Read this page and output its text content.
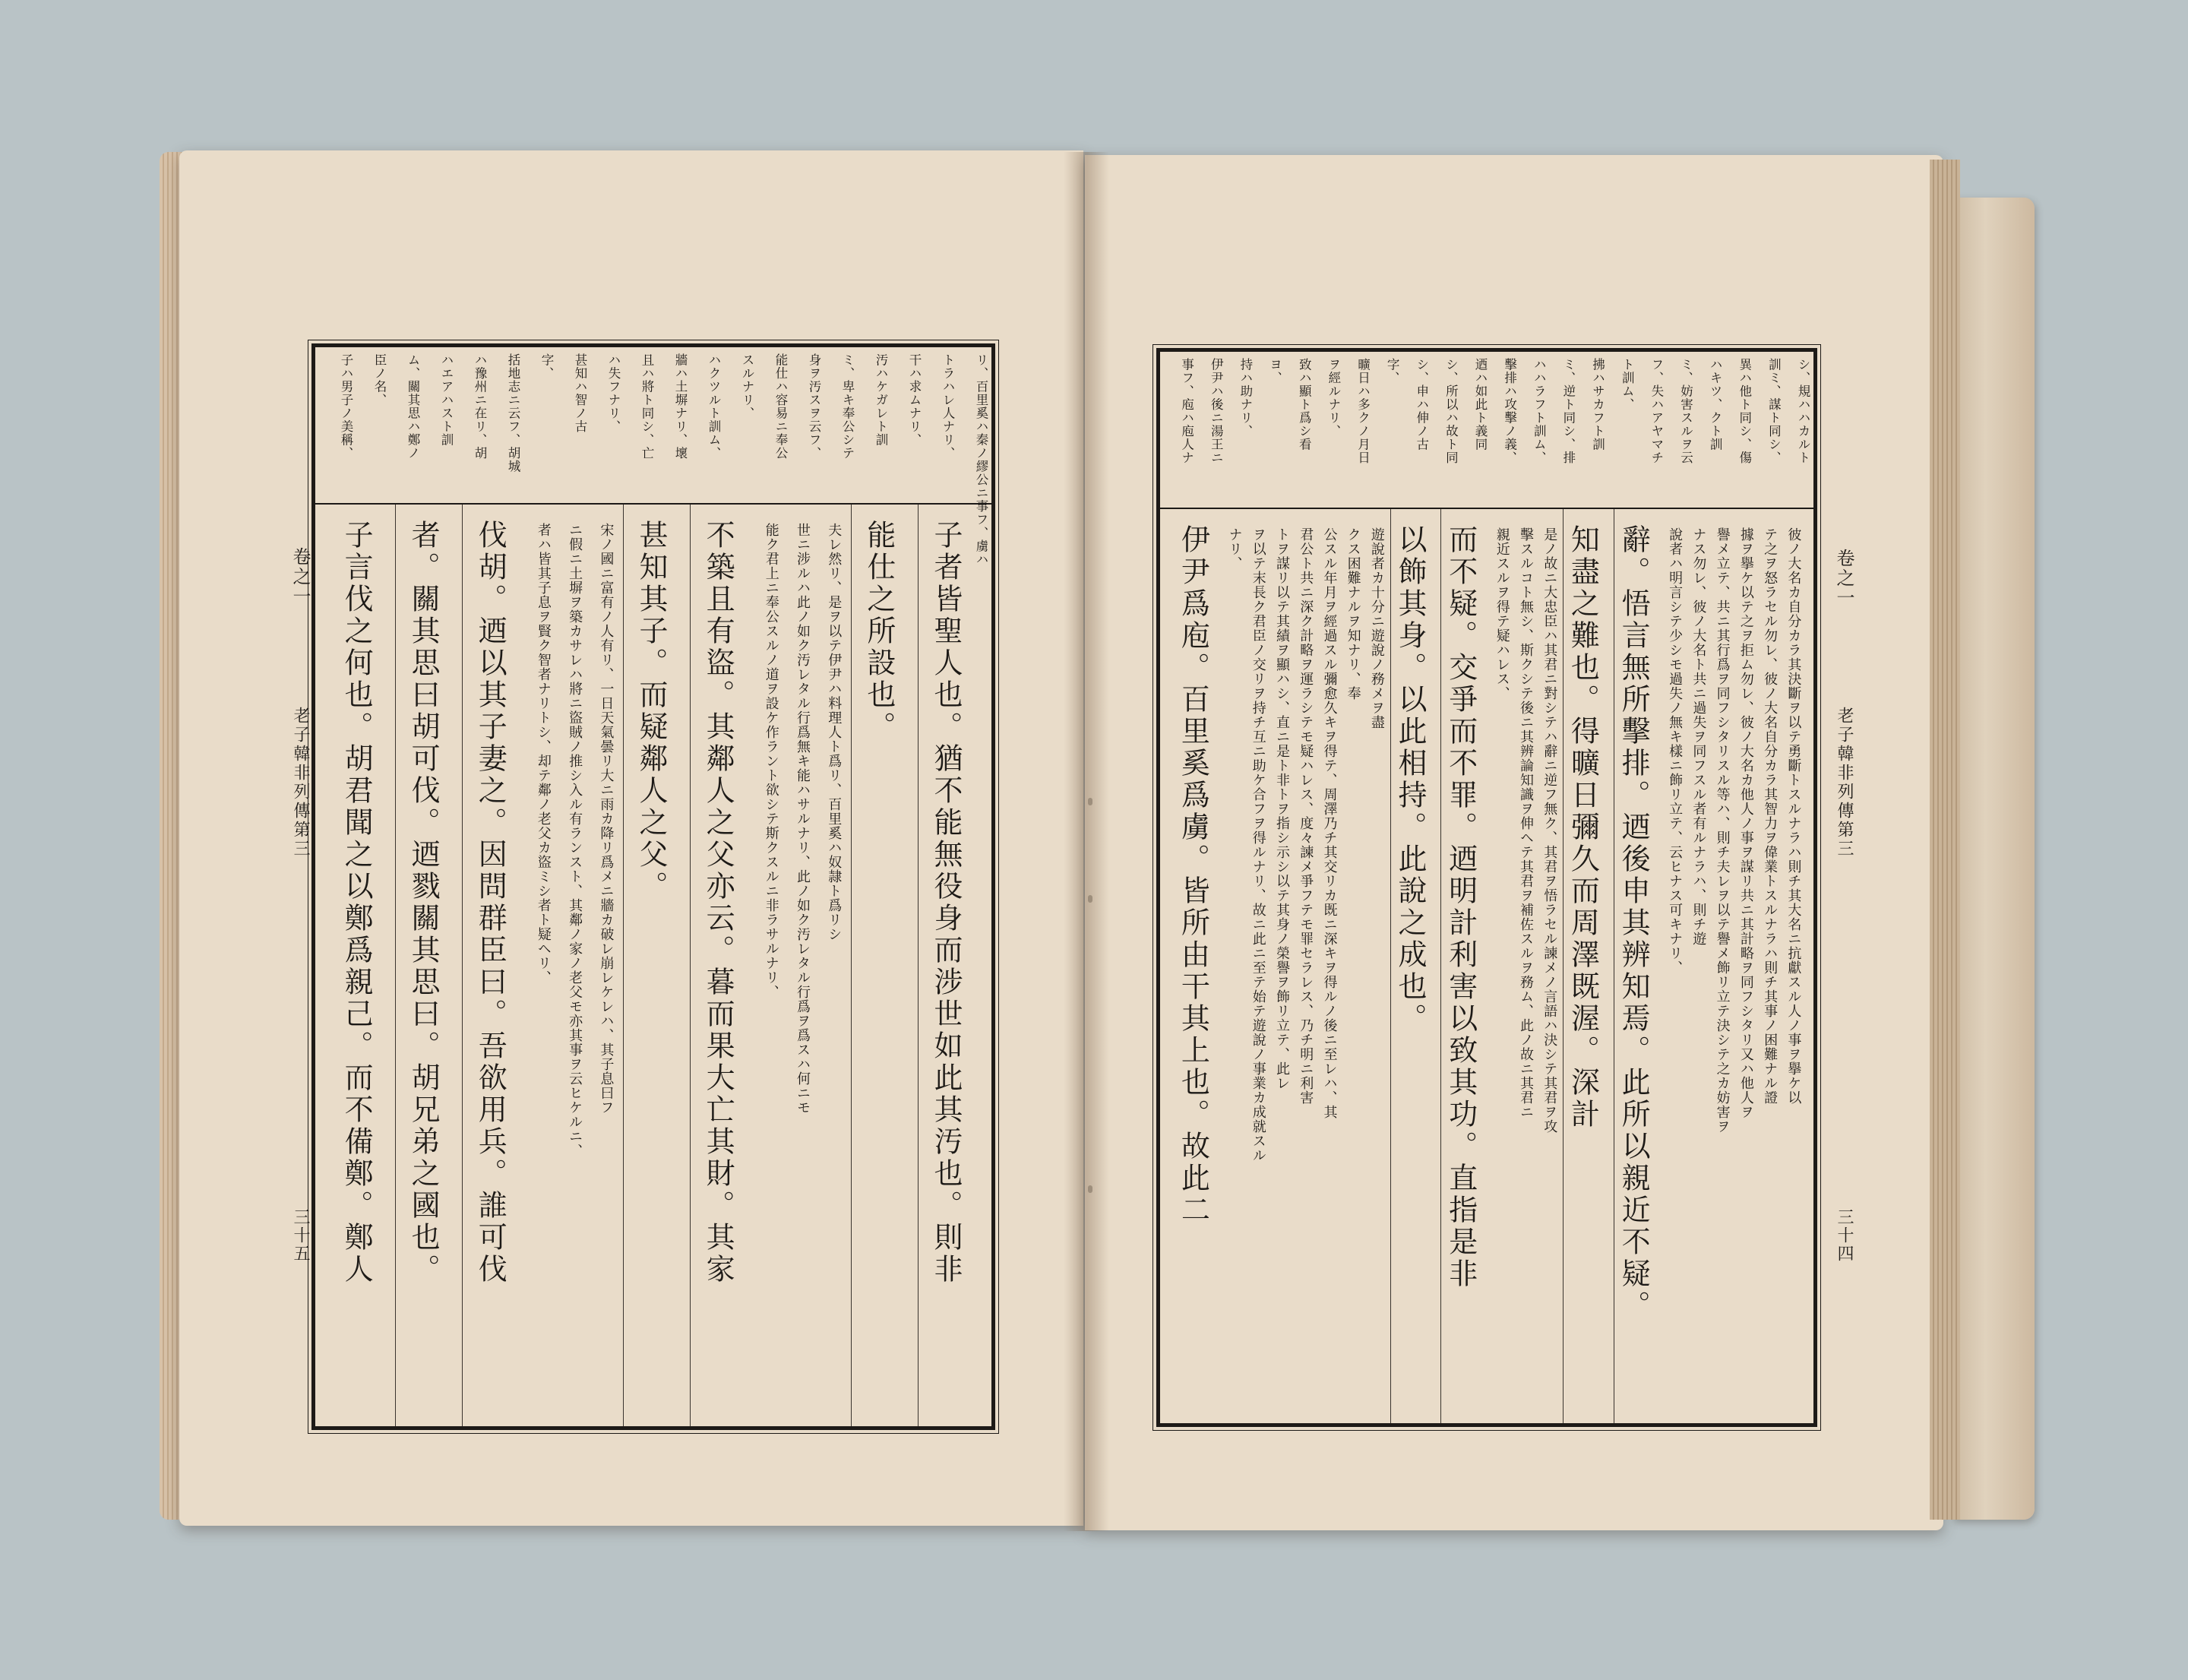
卷之一
老子韓非列傳第三
三十五
リ、百里奚ハ秦ノ繆公ニ事フ、虜ハ
トラハレ人ナリ、
干ハ求ムナリ、
汚ハケガレト訓
ミ、卑キ奉公シテ
身ヲ汚スヲ云フ、
能仕ハ容易ニ奉公
スルナリ、
ハクツルト訓ム、
牆ハ土塀ナリ、壞
且ハ將ト同シ、亡
ハ失フナリ、
甚知ハ智ノ古
字、
括地志ニ云フ、胡城
ハ豫州ニ在リ、胡
ハエアハスト訓
ム、關其思ハ鄭ノ
臣ノ名、
子ハ男子ノ美稱、
子者皆聖人也。猶不能無役身而涉世如此其汚也。則非
能仕之所設也。
夫レ然リ、是ヲ以テ伊尹ハ料理人ト爲リ、百里奚ハ奴隷ト爲リシ
世ニ涉ルハ此ノ如ク汚レタル行爲無キ能ハサルナリ、此ノ如ク汚レタル行爲ヲ爲スハ何ニモ
能ク君上ニ奉公スルノ道ヲ設ケ作ラント欲シテ斯クスルニ非ラサルナリ、
不築且有盜。其鄰人之父亦云。暮而果大亡其財。其家
甚知其子。而疑鄰人之父。
宋ノ國ニ富有ノ人有リ、一日天氣曇リ大ニ雨カ降リ爲メニ牆カ破レ崩レケレハ、其子息曰フ
ニ假ニ土塀ヲ築カサレハ將ニ盜賊ノ推シ入ル有ランスト、其鄰ノ家ノ老父モ亦其事ヲ云ヒケルニ、
者ハ皆其子息ヲ賢ク智者ナリトシ、却テ鄰ノ老父カ盜ミシ者ト疑ヘリ、
伐胡。迺以其子妻之。因問群臣曰。吾欲用兵。誰可伐
者。關其思曰胡可伐。迺戮關其思曰。胡兄弟之國也。
子言伐之何也。胡君聞之以鄭爲親己。而不備鄭。鄭人	卷之一
老子韓非列傳第三
三十四
シ、規ハハカルト
訓ミ、謀ト同シ、
異ハ他ト同シ、傷
ハキツ、クト訓
ミ、妨害スルヲ云
フ、失ハアヤマチ
ト訓ム、
拂ハサカフト訓
ミ、逆ト同シ、排
ハハラフト訓ム、
擊排ハ攻擊ノ義、
迺ハ如此ト義同
シ、所以ハ故ト同
シ、申ハ伸ノ古
字、
曠日ハ多クノ月日
ヲ經ルナリ、
致ハ顯ト爲シ看
ヨ、
持ハ助ナリ、
伊尹ハ後ニ湯王ニ
事フ、庖ハ庖人ナ
彼ノ大名カ自分カラ其決斷ヲ以テ勇斷トスルナラハ則チ其大名ニ抗獻スル人ノ事ヲ擧ケ以
テ之ヲ怒ラセル勿レ、彼ノ大名自分カラ其智力ヲ偉業トスルナラハ則チ其事ノ困難ナル證
據ヲ擧ケ以テ之ヲ拒ム勿レ、彼ノ大名カ他人ノ事ヲ謀リ共ニ其計略ヲ同フシタリ又ハ他人ヲ
譽メ立テ、共ニ其行爲ヲ同フシタリスル等ハ、則チ夫レヲ以テ譽メ飾リ立テ決シテ之カ妨害ヲ
ナス勿レ、彼ノ大名ト共ニ過失ヲ同フスル者有ルナラハ、則チ遊
說者ハ明言シテ少シモ過失ノ無キ樣ニ飾リ立テ、云ヒナス可キナリ、
辭。悟言無所擊排。迺後申其辨知焉。此所以親近不疑。
知盡之難也。得曠日彌久而周澤既渥。深計
是ノ故ニ大忠臣ハ其君ニ對シテハ辭ニ逆フ無ク、其君ヲ悟ラセル諫メノ言語ハ決シテ其君ヲ攻
擊スルコト無シ、斯クシテ後ニ其辨論知識ヲ伸ヘテ其君ヲ補佐スルヲ務ム、此ノ故ニ其君ニ
親近スルヲ得テ疑ハレス、
而不疑。交爭而不罪。迺明計利害以致其功。直指是非
以飾其身。以此相持。此說之成也。
遊說者カ十分ニ遊說ノ務メヲ盡
クス困難ナルヲ知ナリ、奉
公スル年月ヲ經過スル彌愈久キヲ得テ、周澤乃チ其交リカ既ニ深キヲ得ルノ後ニ至レハ、其
君公ト共ニ深ク計略ヲ運ラシテモ疑ハレス、度々諫メ爭フテモ罪セラレス、乃チ明ニ利害
トヲ謀リ以テ其績ヲ顯ハシ、直ニ是ト非トヲ指シ示シ以テ其身ノ榮譽ヲ飾リ立テ、此レ
ヲ以テ末長ク君臣ノ交リヲ持チ互ニ助ケ合フヲ得ルナリ、故ニ此ニ至テ始テ遊說ノ事業カ成就スル
ナリ、
伊尹爲庖。百里奚爲虜。皆所由干其上也。故此二
